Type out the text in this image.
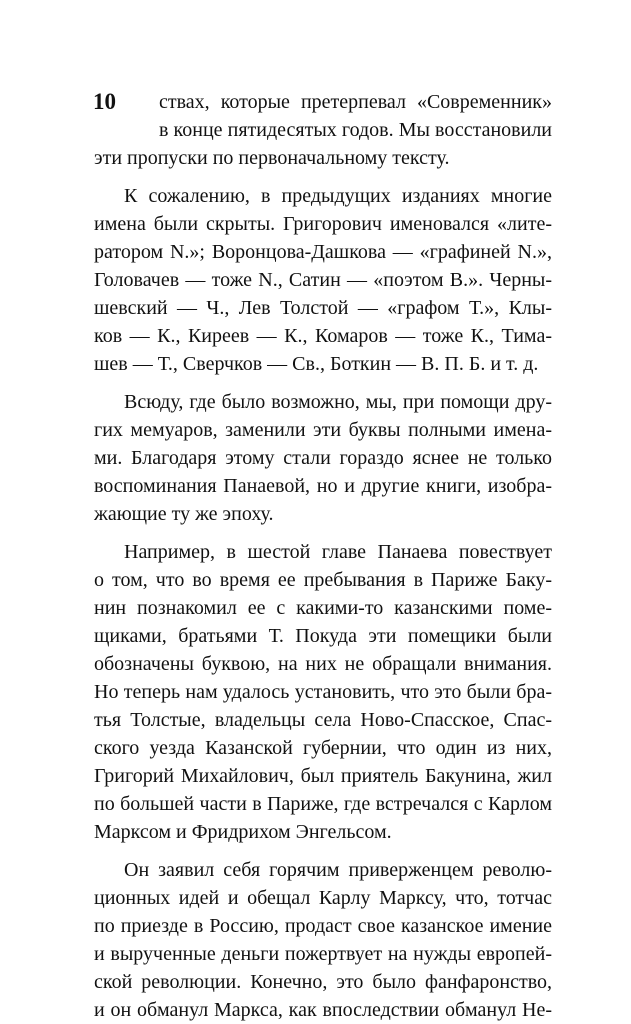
10	ствах, которые претерпевал «Современник»
в конце пятидесятых годов. Мы восстановили
эти пропуски по первоначальному тексту.
К сожалению, в предыдущих изданиях многие
имена были скрыты. Григорович именовался «лите-
ратором N.»; Воронцова-Дашкова — «графиней N.»,
Головачев — тоже N., Сатин — «поэтом B.». Черны-
шевский — Ч., Лев Толстой — «графом Т.», Клы-
ков — К., Киреев — К., Комаров — тоже К., Тима-
шев — Т., Сверчков — Св., Боткин — В. П. Б. и т. д.
Всюду, где было возможно, мы, при помощи дру-
гих мемуаров, заменили эти буквы полными имена-
ми. Благодаря этому стали гораздо яснее не только
воспоминания Панаевой, но и другие книги, изобра-
жающие ту же эпоху.
Например, в шестой главе Панаева повествует
о том, что во время ее пребывания в Париже Баку-
нин познакомил ее с какими-то казанскими поме-
щиками, братьями Т. Покуда эти помещики были
обозначены буквою, на них не обращали внимания.
Но теперь нам удалось установить, что это были бра-
тья Толстые, владельцы села Ново-Спасское, Спас-
ского уезда Казанской губернии, что один из них,
Григорий Михайлович, был приятель Бакунина, жил
по большей части в Париже, где встречался с Карлом
Марксом и Фридрихом Энгельсом.
Он заявил себя горячим приверженцем револю-
ционных идей и обещал Карлу Марксу, что, тотчас
по приезде в Россию, продаст свое казанское имение
и вырученные деньги пожертвует на нужды европей-
ской революции. Конечно, это было фанфаронство,
и он обманул Маркса, как впоследствии обманул Не-
